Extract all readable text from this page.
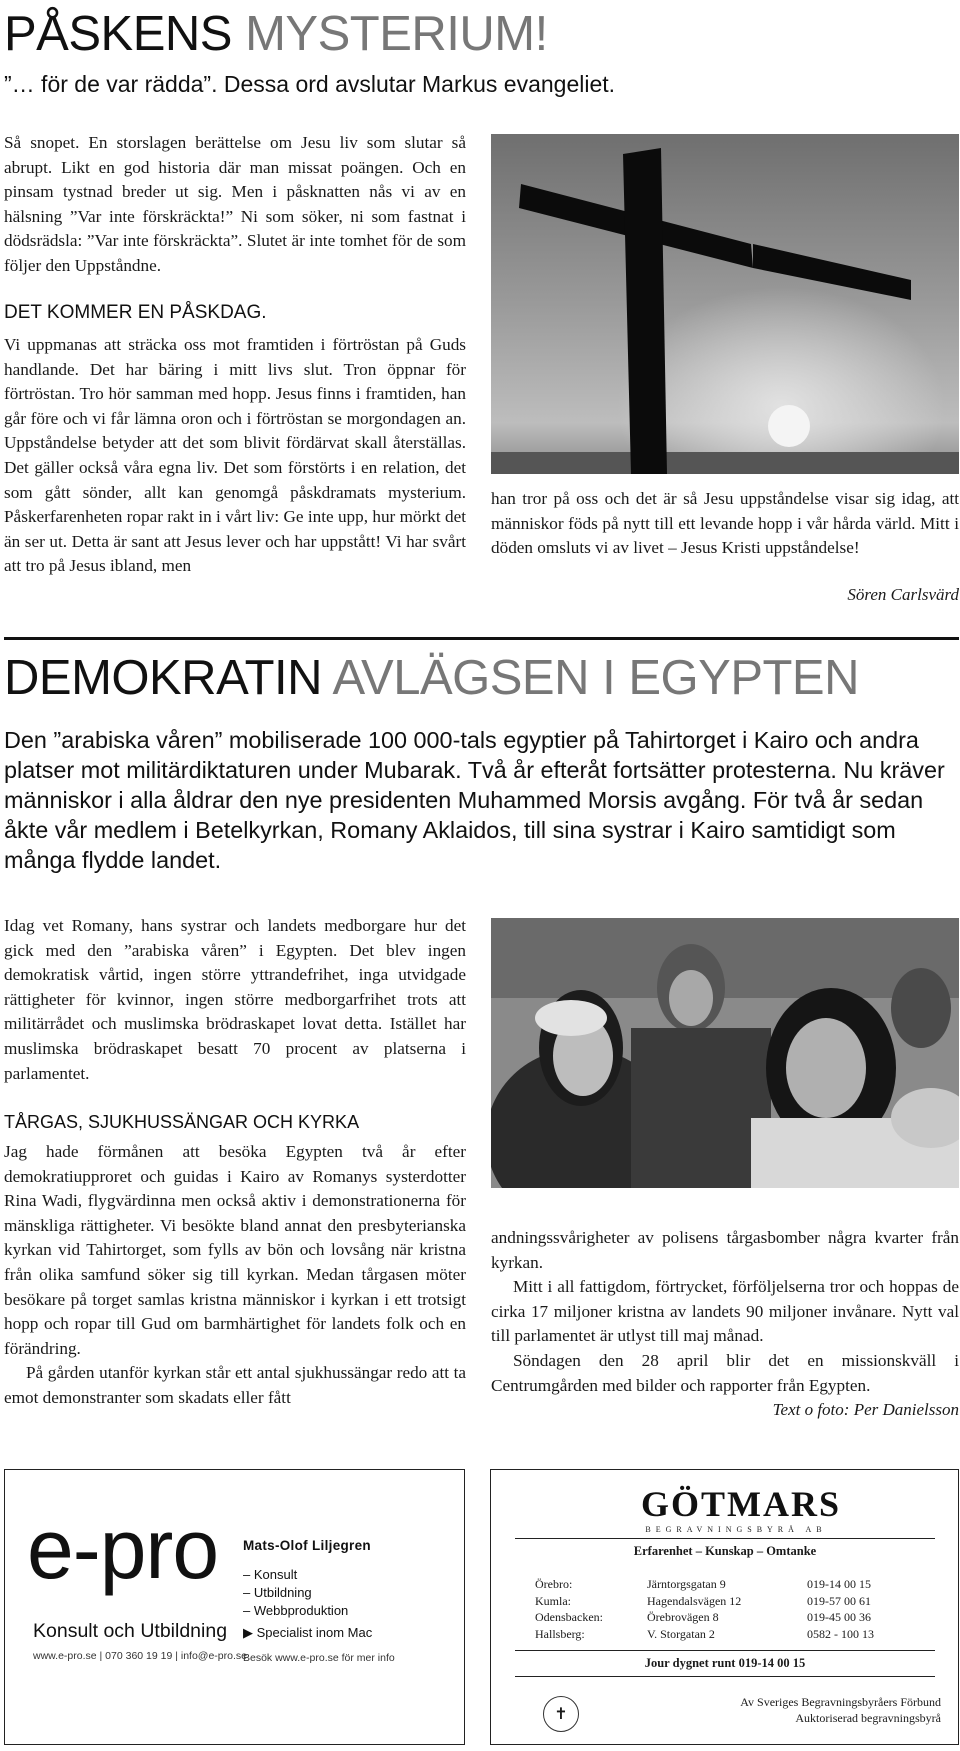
PÅSKENS MYSTERIUM!
”… för de var rädda”. Dessa ord avslutar Markus evangeliet.
Så snopet. En storslagen berättelse om Jesu liv som slutar så abrupt. Likt en god historia där man missat poängen. Och en pinsam tystnad breder ut sig. Men i påsknatten nås vi av en hälsning ”Var inte förskräckta!” Ni som söker, ni som fastnat i dödsrädsla: ”Var inte förskräckta”. Slutet är inte tomhet för de som följer den Uppståndne.
DET KOMMER EN PÅSKDAG.
Vi uppmanas att sträcka oss mot framtiden i förtröstan på Guds handlande. Det har bäring i mitt livs slut. Tron öppnar för förtröstan. Tro hör samman med hopp. Jesus finns i framtiden, han går före och vi får lämna oron och i förtröstan se morgondagen an. Uppståndelse betyder att det som blivit fördärvat skall återställas. Det gäller också våra egna liv. Det som förstörts i en relation, det som gått sönder, allt kan genomgå påskdramats mysterium. Påskerfarenheten ropar rakt in i vårt liv: Ge inte upp, hur mörkt det än ser ut. Detta är sant att Jesus lever och har uppstått! Vi har svårt att tro på Jesus ibland, men
han tror på oss och det är så Jesu uppståndelse visar sig idag, att människor föds på nytt till ett levande hopp i vår hårda värld. Mitt i döden omsluts vi av livet – Jesus Kristi uppståndelse!
Sören Carlsvärd
DEMOKRATIN AVLÄGSEN I EGYPTEN
Den ”arabiska våren” mobiliserade 100 000-tals egyptier på Tahirtorget i Kairo och andra platser mot militärdiktaturen under Mubarak. Två år efteråt fortsätter protesterna. Nu kräver människor i alla åldrar den nye presidenten Muhammed Morsis avgång. För två år sedan åkte vår medlem i Betelkyrkan, Romany Aklaidos, till sina systrar i Kairo samtidigt som många flydde landet.
Idag vet Romany, hans systrar och landets medborgare hur det gick med den ”arabiska våren” i Egypten. Det blev ingen demokratisk vårtid, ingen större yttrandefrihet, inga utvidgade rättigheter för kvinnor, ingen större medborgarfrihet trots att militärrådet och muslimska brödraskapet lovat detta. Istället har muslimska brödraskapet besatt 70 procent av platserna i parlamentet.
TÅRGAS, SJUKHUSSÄNGAR OCH KYRKA

Jag hade förmånen att besöka Egypten två år efter demokratiupproret och guidas i Kairo av Romanys systerdotter Rina Wadi, flygvärdinna men också aktiv i demonstrationerna för mänskliga rättigheter. Vi besökte bland annat den presbyterianska kyrkan vid Tahirtorget, som fylls av bön och lovsång när kristna från olika samfund söker sig till kyrkan. Medan tårgasen möter besökare på torget samlas kristna människor i kyrkan i ett trotsigt hopp och ropar till Gud om barmhärtighet för landets folk och en förändring.

På gården utanför kyrkan står ett antal sjukhussängar redo att ta emot demonstranter som skadats eller fått

andningssvårigheter av polisens tårgasbomber några kvarter från kyrkan.

Mitt i all fattigdom, förtrycket, förföljelserna tror och hoppas de cirka 17 miljoner kristna av landets 90 miljoner invånare. Nytt val till parlamentet är utlyst till maj månad.

Söndagen den 28 april blir det en missionskväll i Centrumgården med bilder och rapporter från Egypten.

Text o foto: Per Danielsson

e-pro
Konsult och Utbildning
www.e-pro.se | 070 360 19 19 | info@e-pro.se
Mats-Olof Liljegren
– Konsult
– Utbildning
– Webbproduktion
▶ Specialist inom Mac
Besök www.e-pro.se för mer info
GÖTMARS
BEGRAVNINGSBYRÅ AB
Erfarenhet – Kunskap – Omtanke
Örebro:	Järntorgsgatan 9	019-14 00 15
Kumla:	Hagendalsvägen 12	019-57 00 61
Odensbacken:	Örebrovägen 8	019-45 00 36
Hallsberg:	V. Storgatan 2	0582 - 100 13
Jour dygnet runt 019-14 00 15
✝
Av Sveriges Begravningsbyråers Förbund
Auktoriserad begravningsbyrå
